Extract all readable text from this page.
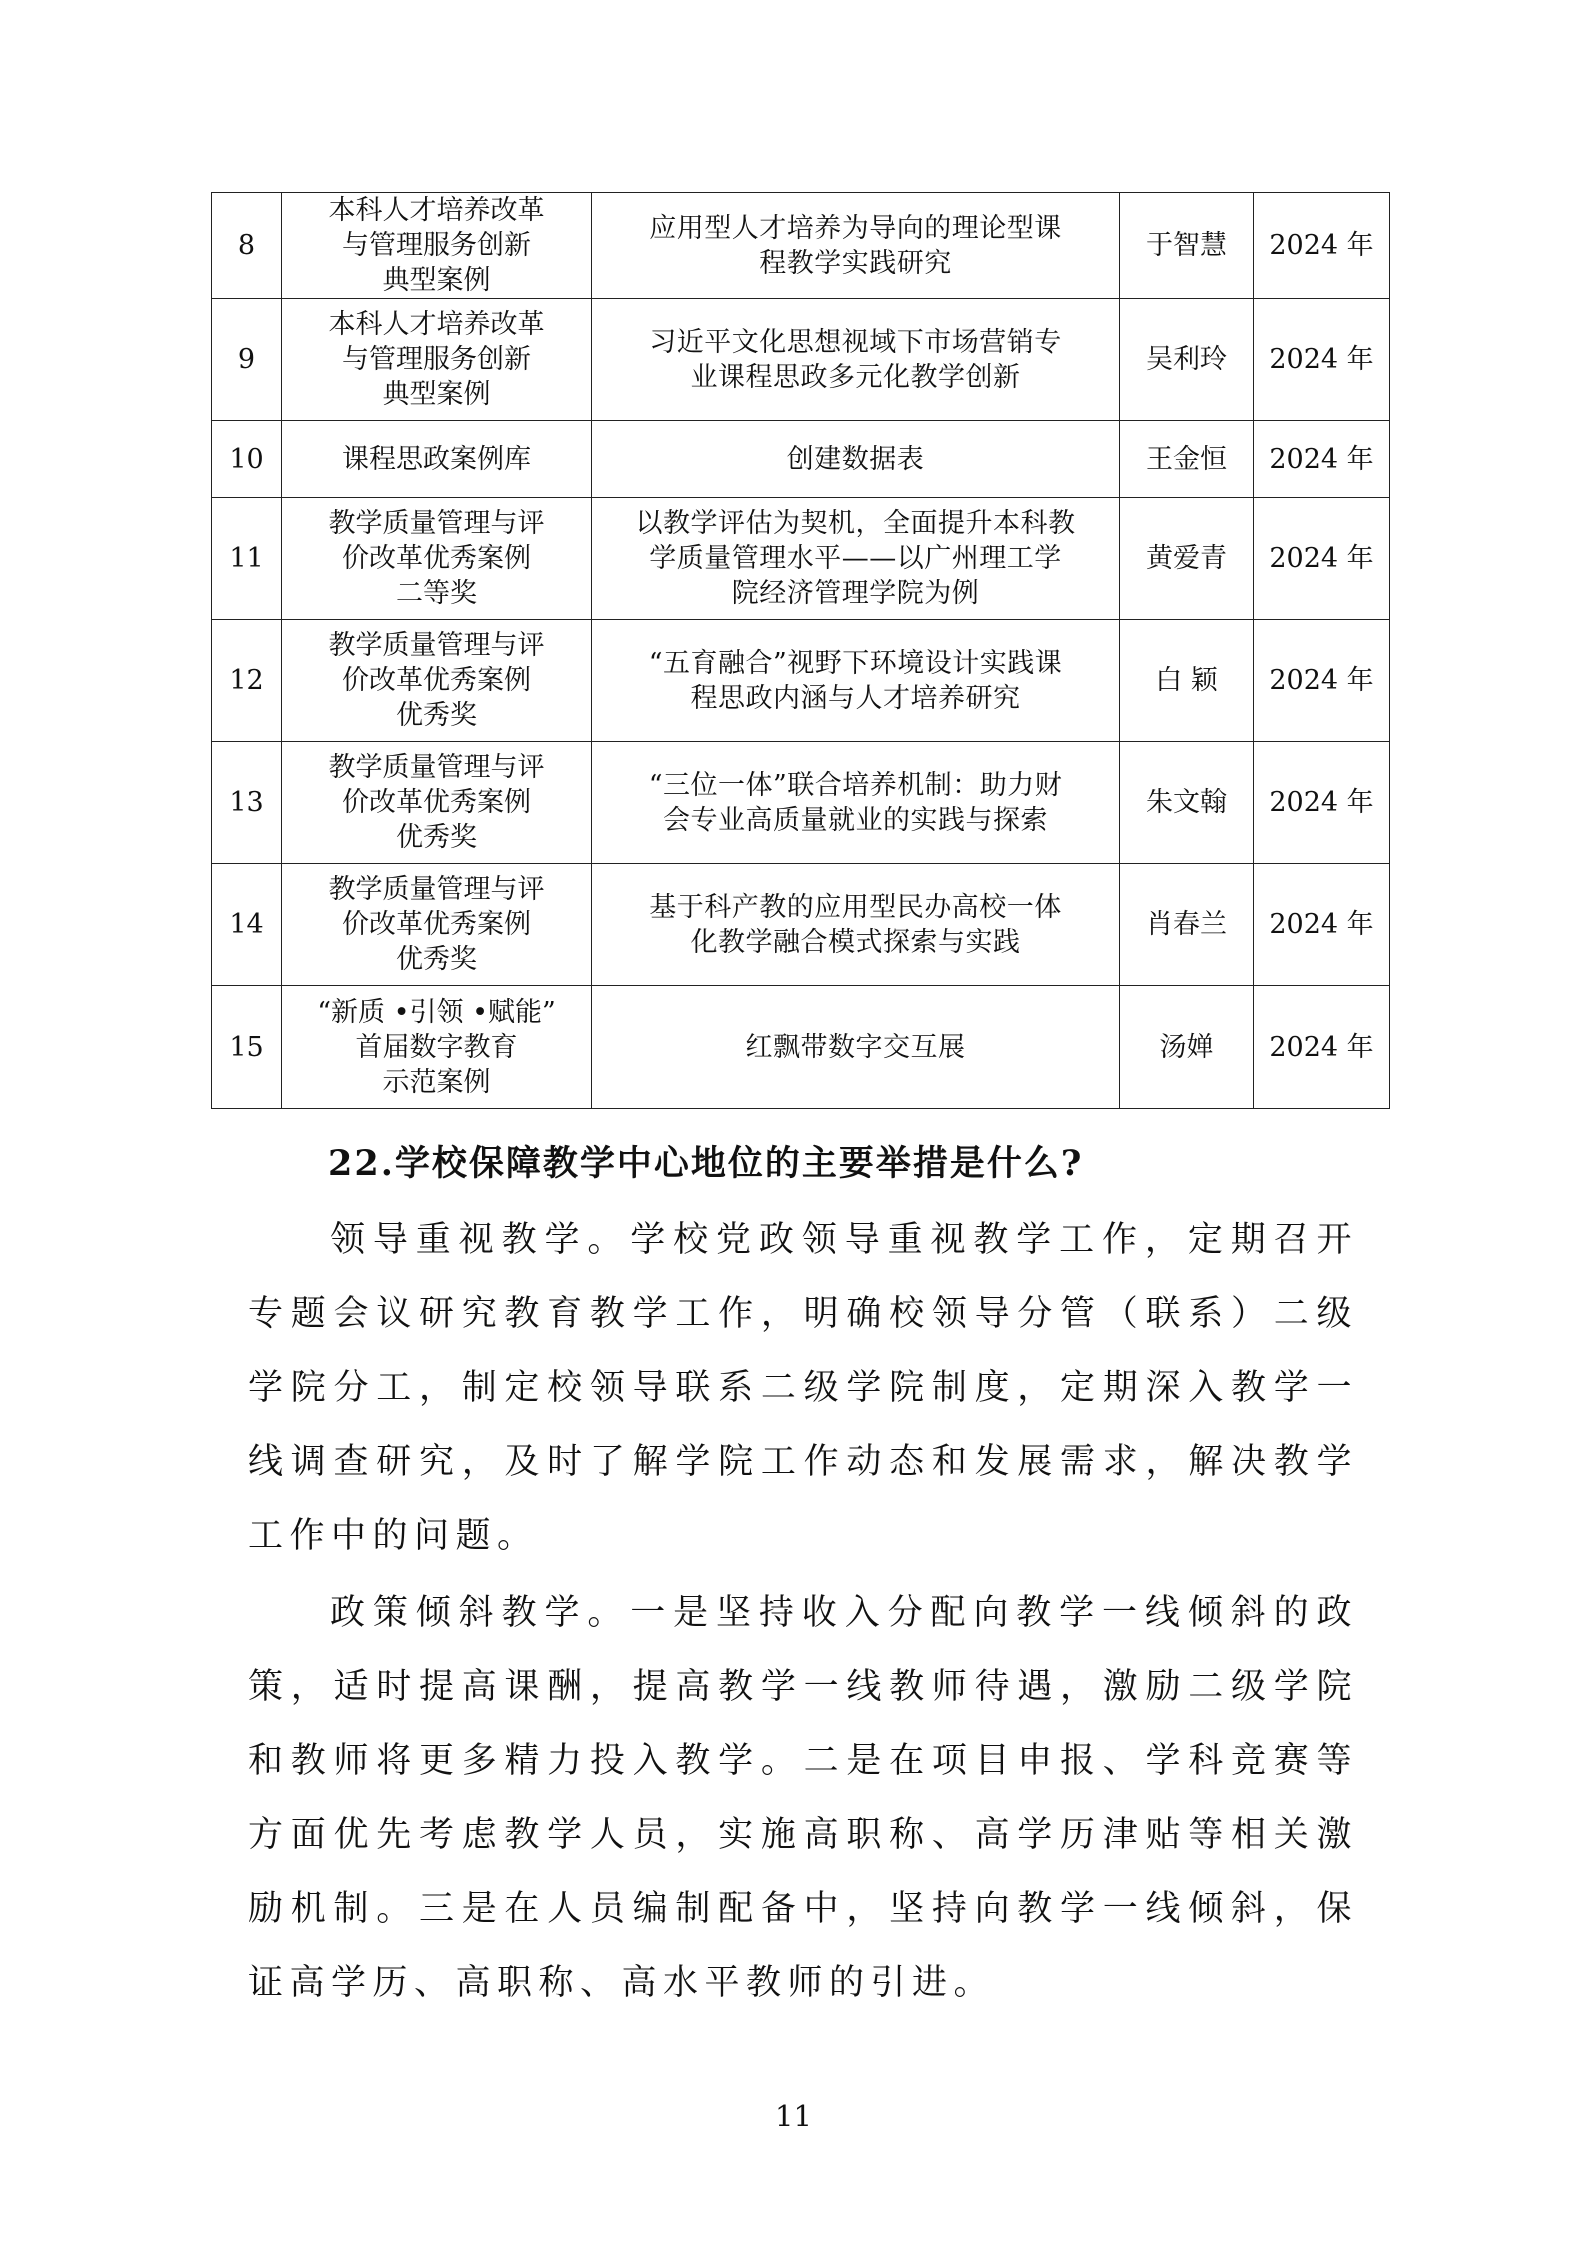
8	本科人才培养改革
与管理服务创新
典型案例	应用型人才培养为导向的理论型课
程教学实践研究	于智慧	2024 年
9	本科人才培养改革
与管理服务创新
典型案例	习近平文化思想视域下市场营销专
业课程思政多元化教学创新	吴利玲	2024 年
10	课程思政案例库	创建数据表	王金恒	2024 年
11	教学质量管理与评
价改革优秀案例
二等奖	以教学评估为契机，全面提升本科教
学质量管理水平——以广州理工学
院经济管理学院为例	黄爱青	2024 年
12	教学质量管理与评
价改革优秀案例
优秀奖	“五育融合”视野下环境设计实践课
程思政内涵与人才培养研究	白 颖	2024 年
13	教学质量管理与评
价改革优秀案例
优秀奖	“三位一体”联合培养机制：助力财
会专业高质量就业的实践与探索	朱文翰	2024 年
14	教学质量管理与评
价改革优秀案例
优秀奖	基于科产教的应用型民办高校一体
化教学融合模式探索与实践	肖春兰	2024 年
15	“新质 •引领 •赋能”
首届数字教育
示范案例	红飘带数字交互展	汤婵	2024 年
22.学校保障教学中心地位的主要举措是什么?

领导重视教学。学校党政领导重视教学工作，定期召开专题会议研究教育教学工作，明确校领导分管（联系）二级学院分工，制定校领导联系二级学院制度，定期深入教学一线调查研究，及时了解学院工作动态和发展需求，解决教学工作中的问题。

政策倾斜教学。一是坚持收入分配向教学一线倾斜的政策，适时提高课酬，提高教学一线教师待遇，激励二级学院和教师将更多精力投入教学。二是在项目申报、学科竞赛等方面优先考虑教学人员，实施高职称、高学历津贴等相关激励机制。三是在人员编制配备中，坚持向教学一线倾斜，保证高学历、高职称、高水平教师的引进。

11
